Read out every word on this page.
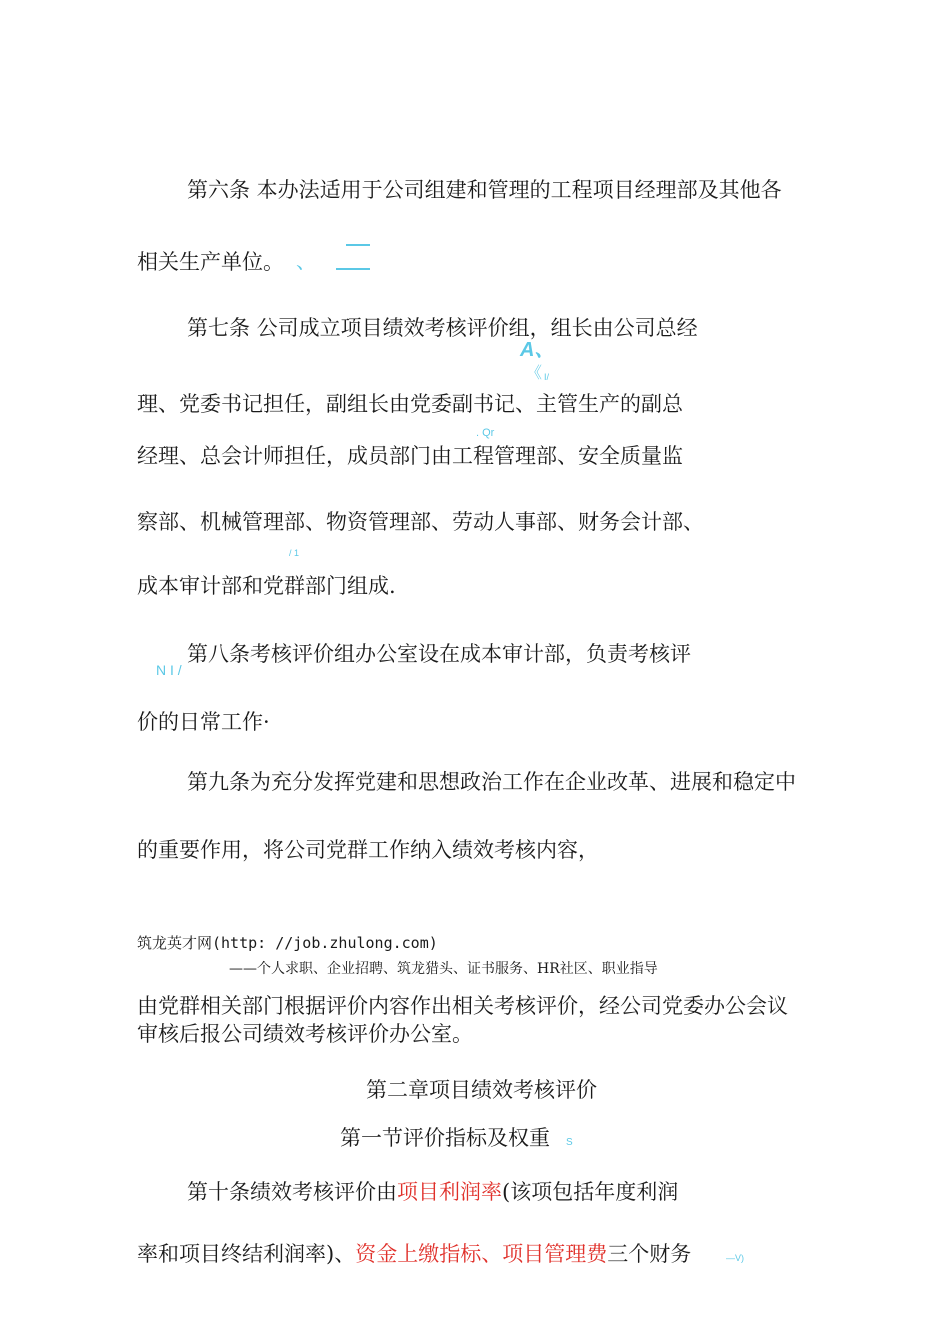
第六条 本办法适用于公司组建和管理的工程项目经理部及其他各
相关生产单位。 、
第七条 公司成立项目绩效考核评价组，组长由公司总经
A、
《 I/
理、党委书记担任，副组长由党委副书记、主管生产的副总
. Qr
经理、总会计师担任，成员部门由工程管理部、安全质量监
察部、机械管理部、物资管理部、劳动人事部、财务会计部、
/ 1
成本审计部和党群部门组成.
第八条考核评价组办公室设在成本审计部，负责考核评
N I /
价的日常工作·
第九条为充分发挥党建和思想政治工作在企业改革、进展和稳定中
的重要作用，将公司党群工作纳入绩效考核内容，
筑龙英才网(http: //job.zhulong.com)
——个人求职、企业招聘、筑龙猎头、证书服务、HR社区、职业指导
由党群相关部门根据评价内容作出相关考核评价，经公司党委办公会议
审核后报公司绩效考核评价办公室。
第二章项目绩效考核评价
第一节评价指标及权重 S
第十条绩效考核评价由项目利润率(该项包括年度利润
率和项目终结利润率)、资金上缴指标、项目管理费三个财务	—V)
